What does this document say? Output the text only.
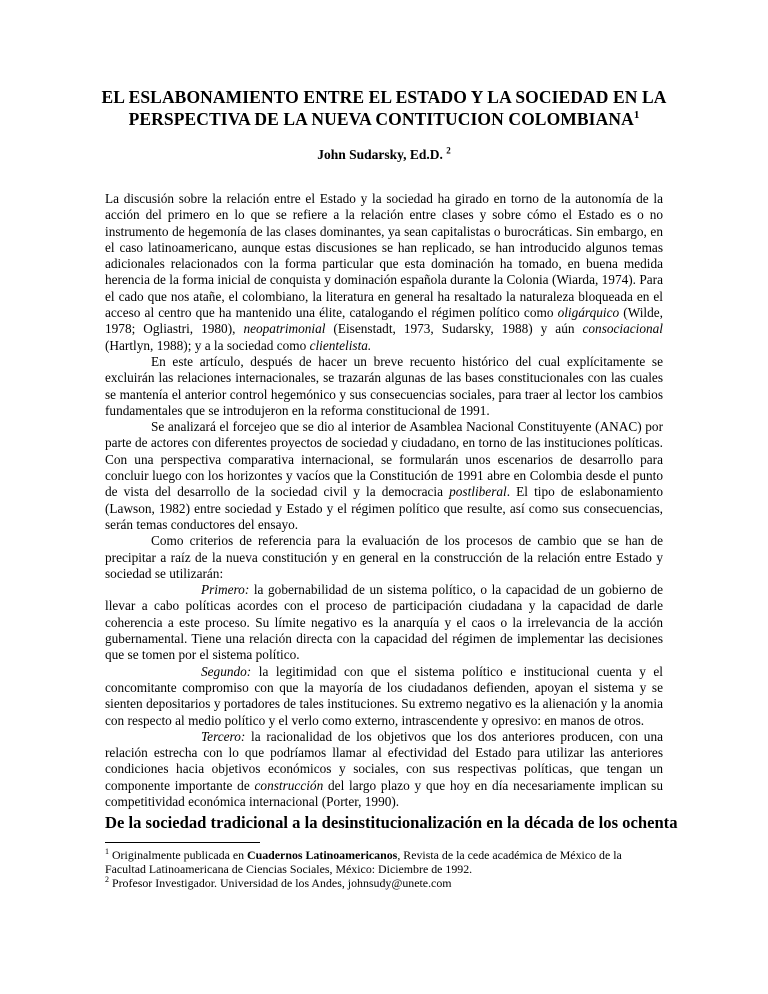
EL ESLABONAMIENTO ENTRE EL ESTADO Y LA SOCIEDAD EN LA PERSPECTIVA DE LA NUEVA CONTITUCION COLOMBIANA$^1$
John Sudarsky, Ed.D. $^2$

La discusión sobre la relación entre el Estado y la sociedad ha girado en torno de la autonomía de la acción del primero en lo que se refiere a la relación entre clases y sobre cómo el Estado es o no instrumento de hegemonía de las clases dominantes, ya sean capitalistas o burocráticas. Sin embargo, en el caso latinoamericano, aunque estas discusiones se han replicado, se han introducido algunos temas adicionales relacionados con la forma particular que esta dominación ha tomado, en buena medida herencia de la forma inicial de conquista y dominación española durante la Colonia (Wiarda, 1974). Para el cado que nos atañe, el colombiano, la literatura en general ha resaltado la naturaleza bloqueada en el acceso al centro que ha mantenido una élite, catalogando el régimen político como oligárquico (Wilde, 1978; Ogliastri, 1980), neopatrimonial (Eisenstadt, 1973, Sudarsky, 1988) y aún consociacional (Hartlyn, 1988); y a la sociedad como clientelista.

En este artículo, después de hacer un breve recuento histórico del cual explícitamente se excluirán las relaciones internacionales, se trazarán algunas de las bases constitucionales con las cuales se mantenía el anterior control hegemónico y sus consecuencias sociales, para traer al lector los cambios fundamentales que se introdujeron en la reforma constitucional de 1991.

Se analizará el forcejeo que se dio al interior de Asamblea Nacional Constituyente (ANAC) por parte de actores con diferentes proyectos de sociedad y ciudadano, en torno de las instituciones políticas. Con una perspectiva comparativa internacional, se formularán unos escenarios de desarrollo para concluir luego con los horizontes y vacíos que la Constitución de 1991 abre en Colombia desde el punto de vista del desarrollo de la sociedad civil y la democracia postliberal. El tipo de eslabonamiento (Lawson, 1982) entre sociedad y Estado y el régimen político que resulte, así como sus consecuencias, serán temas conductores del ensayo.

Como criterios de referencia para la evaluación de los procesos de cambio que se han de precipitar a raíz de la nueva constitución y en general en la construcción de la relación entre Estado y sociedad se utilizarán:

Primero: la gobernabilidad de un sistema político, o la capacidad de un gobierno de llevar a cabo políticas acordes con el proceso de participación ciudadana y la capacidad de darle coherencia a este proceso. Su límite negativo es la anarquía y el caos o la irrelevancia de la acción gubernamental. Tiene una relación directa con la capacidad del régimen de implementar las decisiones que se tomen por el sistema político.

Segundo: la legitimidad con que el sistema político e institucional cuenta y el concomitante compromiso con que la mayoría de los ciudadanos defienden, apoyan el sistema y se sienten depositarios y portadores de tales instituciones. Su extremo negativo es la alienación y la anomia con respecto al medio político y el verlo como externo, intrascendente y opresivo: en manos de otros.

Tercero: la racionalidad de los objetivos que los dos anteriores producen, con una relación estrecha con lo que podríamos llamar al efectividad del Estado para utilizar las anteriores condiciones hacia objetivos económicos y sociales, con sus respectivas políticas, que tengan un componente importante de construcción del largo plazo y que hoy en día necesariamente implican su competitividad económica internacional (Porter, 1990).

De la sociedad tradicional a la desinstitucionalización en la década de los ochenta

$^1$ Originalmente publicada en Cuadernos Latinoamericanos, Revista de la cede académica de México de la Facultad Latinoamericana de Ciencias Sociales, México: Diciembre de 1992.

$^2$ Profesor Investigador. Universidad de los Andes, johnsudy@unete.com
